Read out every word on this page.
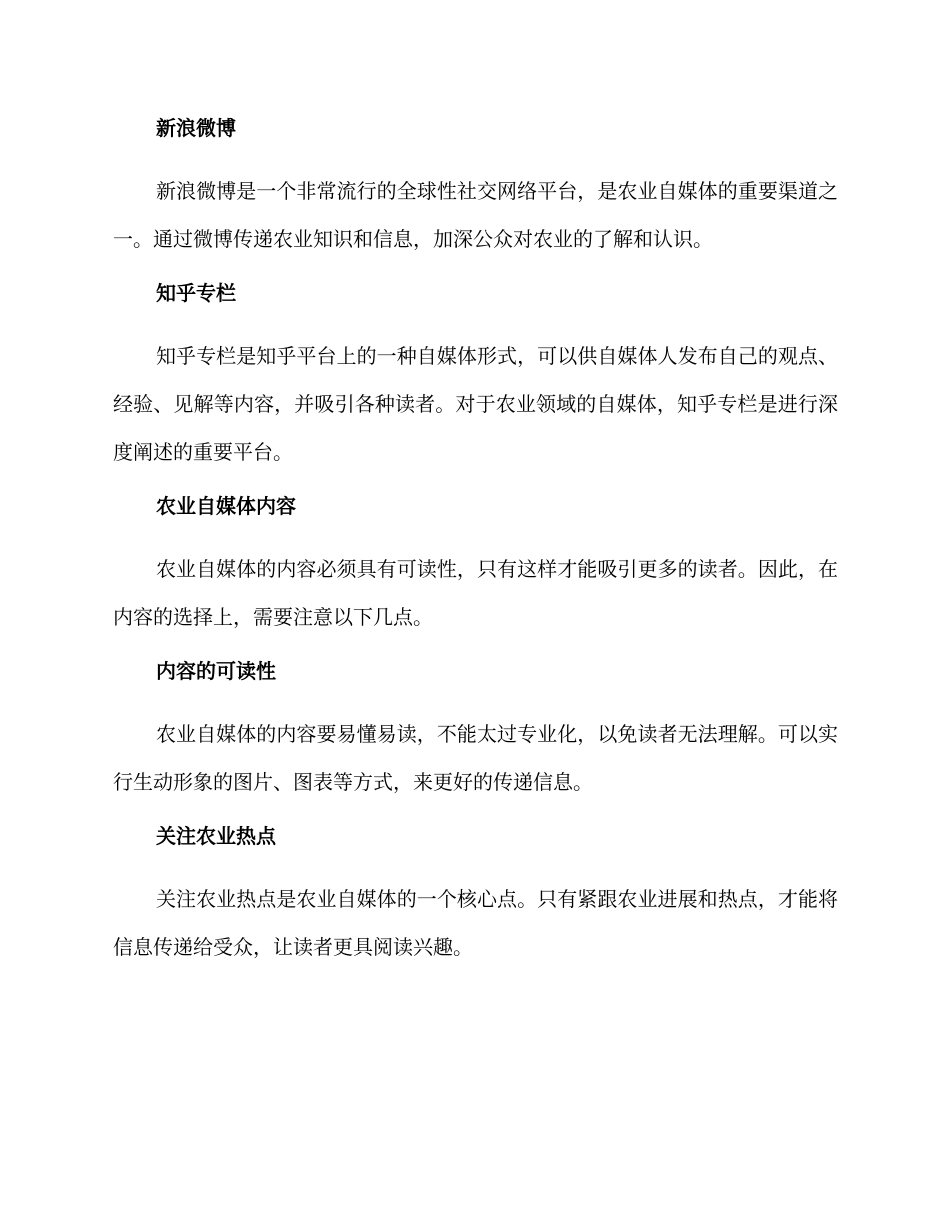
新浪微博

新浪微博是一个非常流行的全球性社交网络平台，是农业自媒体的重要渠道之一。通过微博传递农业知识和信息，加深公众对农业的了解和认识。

知乎专栏

知乎专栏是知乎平台上的一种自媒体形式，可以供自媒体人发布自己的观点、经验、见解等内容，并吸引各种读者。对于农业领域的自媒体，知乎专栏是进行深度阐述的重要平台。

农业自媒体内容

农业自媒体的内容必须具有可读性，只有这样才能吸引更多的读者。因此，在内容的选择上，需要注意以下几点。

内容的可读性

农业自媒体的内容要易懂易读，不能太过专业化，以免读者无法理解。可以实行生动形象的图片、图表等方式，来更好的传递信息。

关注农业热点

关注农业热点是农业自媒体的一个核心点。只有紧跟农业进展和热点，才能将信息传递给受众，让读者更具阅读兴趣。
